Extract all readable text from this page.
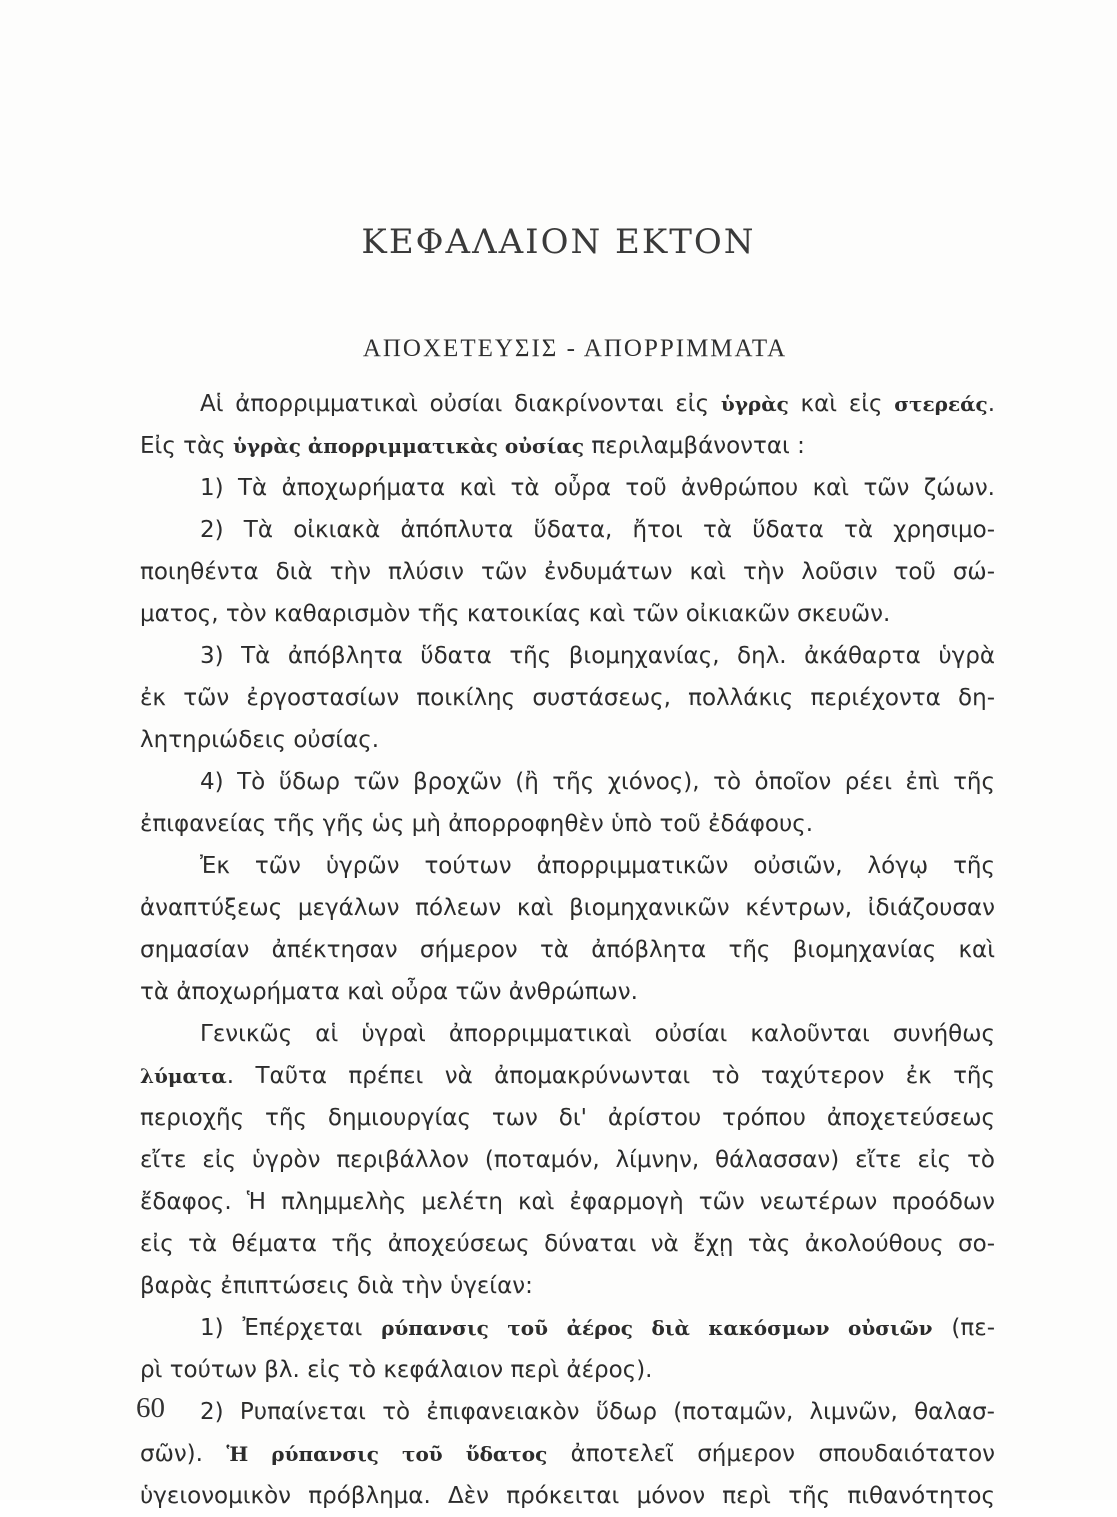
ΚΕΦΑΛΑΙΟΝ ΕΚΤΟΝ
ΑΠΟΧΕΤΕΥΣΙΣ - ΑΠΟΡΡΙΜΜΑΤΑ
Αἱ ἀπορριμματικαὶ οὐσίαι διακρίνονται εἰς ὑγρὰς καὶ εἰς στερεάς.
Εἰς τὰς ὑγρὰς ἀπορριμματικὰς οὐσίας περιλαμβάνονται :
1) Τὰ ἀποχωρήματα καὶ τὰ οὖρα τοῦ ἀνθρώπου καὶ τῶν ζώων.
2) Τὰ οἰκιακὰ ἀπόπλυτα ὕδατα, ἤτοι τὰ ὕδατα τὰ χρησιμο-
ποιηθέντα διὰ τὴν πλύσιν τῶν ἐνδυμάτων καὶ τὴν λοῦσιν τοῦ σώ-
ματος, τὸν καθαρισμὸν τῆς κατοικίας καὶ τῶν οἰκιακῶν σκευῶν.
3) Τὰ ἀπόβλητα ὕδατα τῆς βιομηχανίας, δηλ. ἀκάθαρτα ὑγρὰ
ἐκ τῶν ἐργοστασίων ποικίλης συστάσεως, πολλάκις περιέχοντα δη-
λητηριώδεις οὐσίας.
4) Τὸ ὕδωρ τῶν βροχῶν (ἢ τῆς χιόνος), τὸ ὁποῖον ρέει ἐπὶ τῆς
ἐπιφανείας τῆς γῆς ὡς μὴ ἀπορροφηθὲν ὑπὸ τοῦ ἐδάφους.
Ἐκ τῶν ὑγρῶν τούτων ἀπορριμματικῶν οὐσιῶν, λόγῳ τῆς
ἀναπτύξεως μεγάλων πόλεων καὶ βιομηχανικῶν κέντρων, ἰδιάζουσαν
σημασίαν ἀπέκτησαν σήμερον τὰ ἀπόβλητα τῆς βιομηχανίας καὶ
τὰ ἀποχωρήματα καὶ οὖρα τῶν ἀνθρώπων.
Γενικῶς αἱ ὑγραὶ ἀπορριμματικαὶ οὐσίαι καλοῦνται συνήθως
λύματα. Ταῦτα πρέπει νὰ ἀπομακρύνωνται τὸ ταχύτερον ἐκ τῆς
περιοχῆς τῆς δημιουργίας των δι' ἀρίστου τρόπου ἀποχετεύσεως
εἴτε εἰς ὑγρὸν περιβάλλον (ποταμόν, λίμνην, θάλασσαν) εἴτε εἰς τὸ
ἔδαφος. Ἡ πλημμελὴς μελέτη καὶ ἐφαρμογὴ τῶν νεωτέρων προόδων
εἰς τὰ θέματα τῆς ἀποχεύσεως δύναται νὰ ἔχῃ τὰς ἀκολούθους σο-
βαρὰς ἐπιπτώσεις διὰ τὴν ὑγείαν:
1) Ἐπέρχεται ρύπανσις τοῦ ἀέρος διὰ κακόσμων οὐσιῶν (πε-
ρὶ τούτων βλ. εἰς τὸ κεφάλαιον περὶ ἀέρος).
2) Ρυπαίνεται τὸ ἐπιφανειακὸν ὕδωρ (ποταμῶν, λιμνῶν, θαλασ-
σῶν). Ἡ ρύπανσις τοῦ ὕδατος ἀποτελεῖ σήμερον σπουδαιότατον
ὑγειονομικὸν πρόβλημα. Δὲν πρόκειται μόνον περὶ τῆς πιθανότητος
60
